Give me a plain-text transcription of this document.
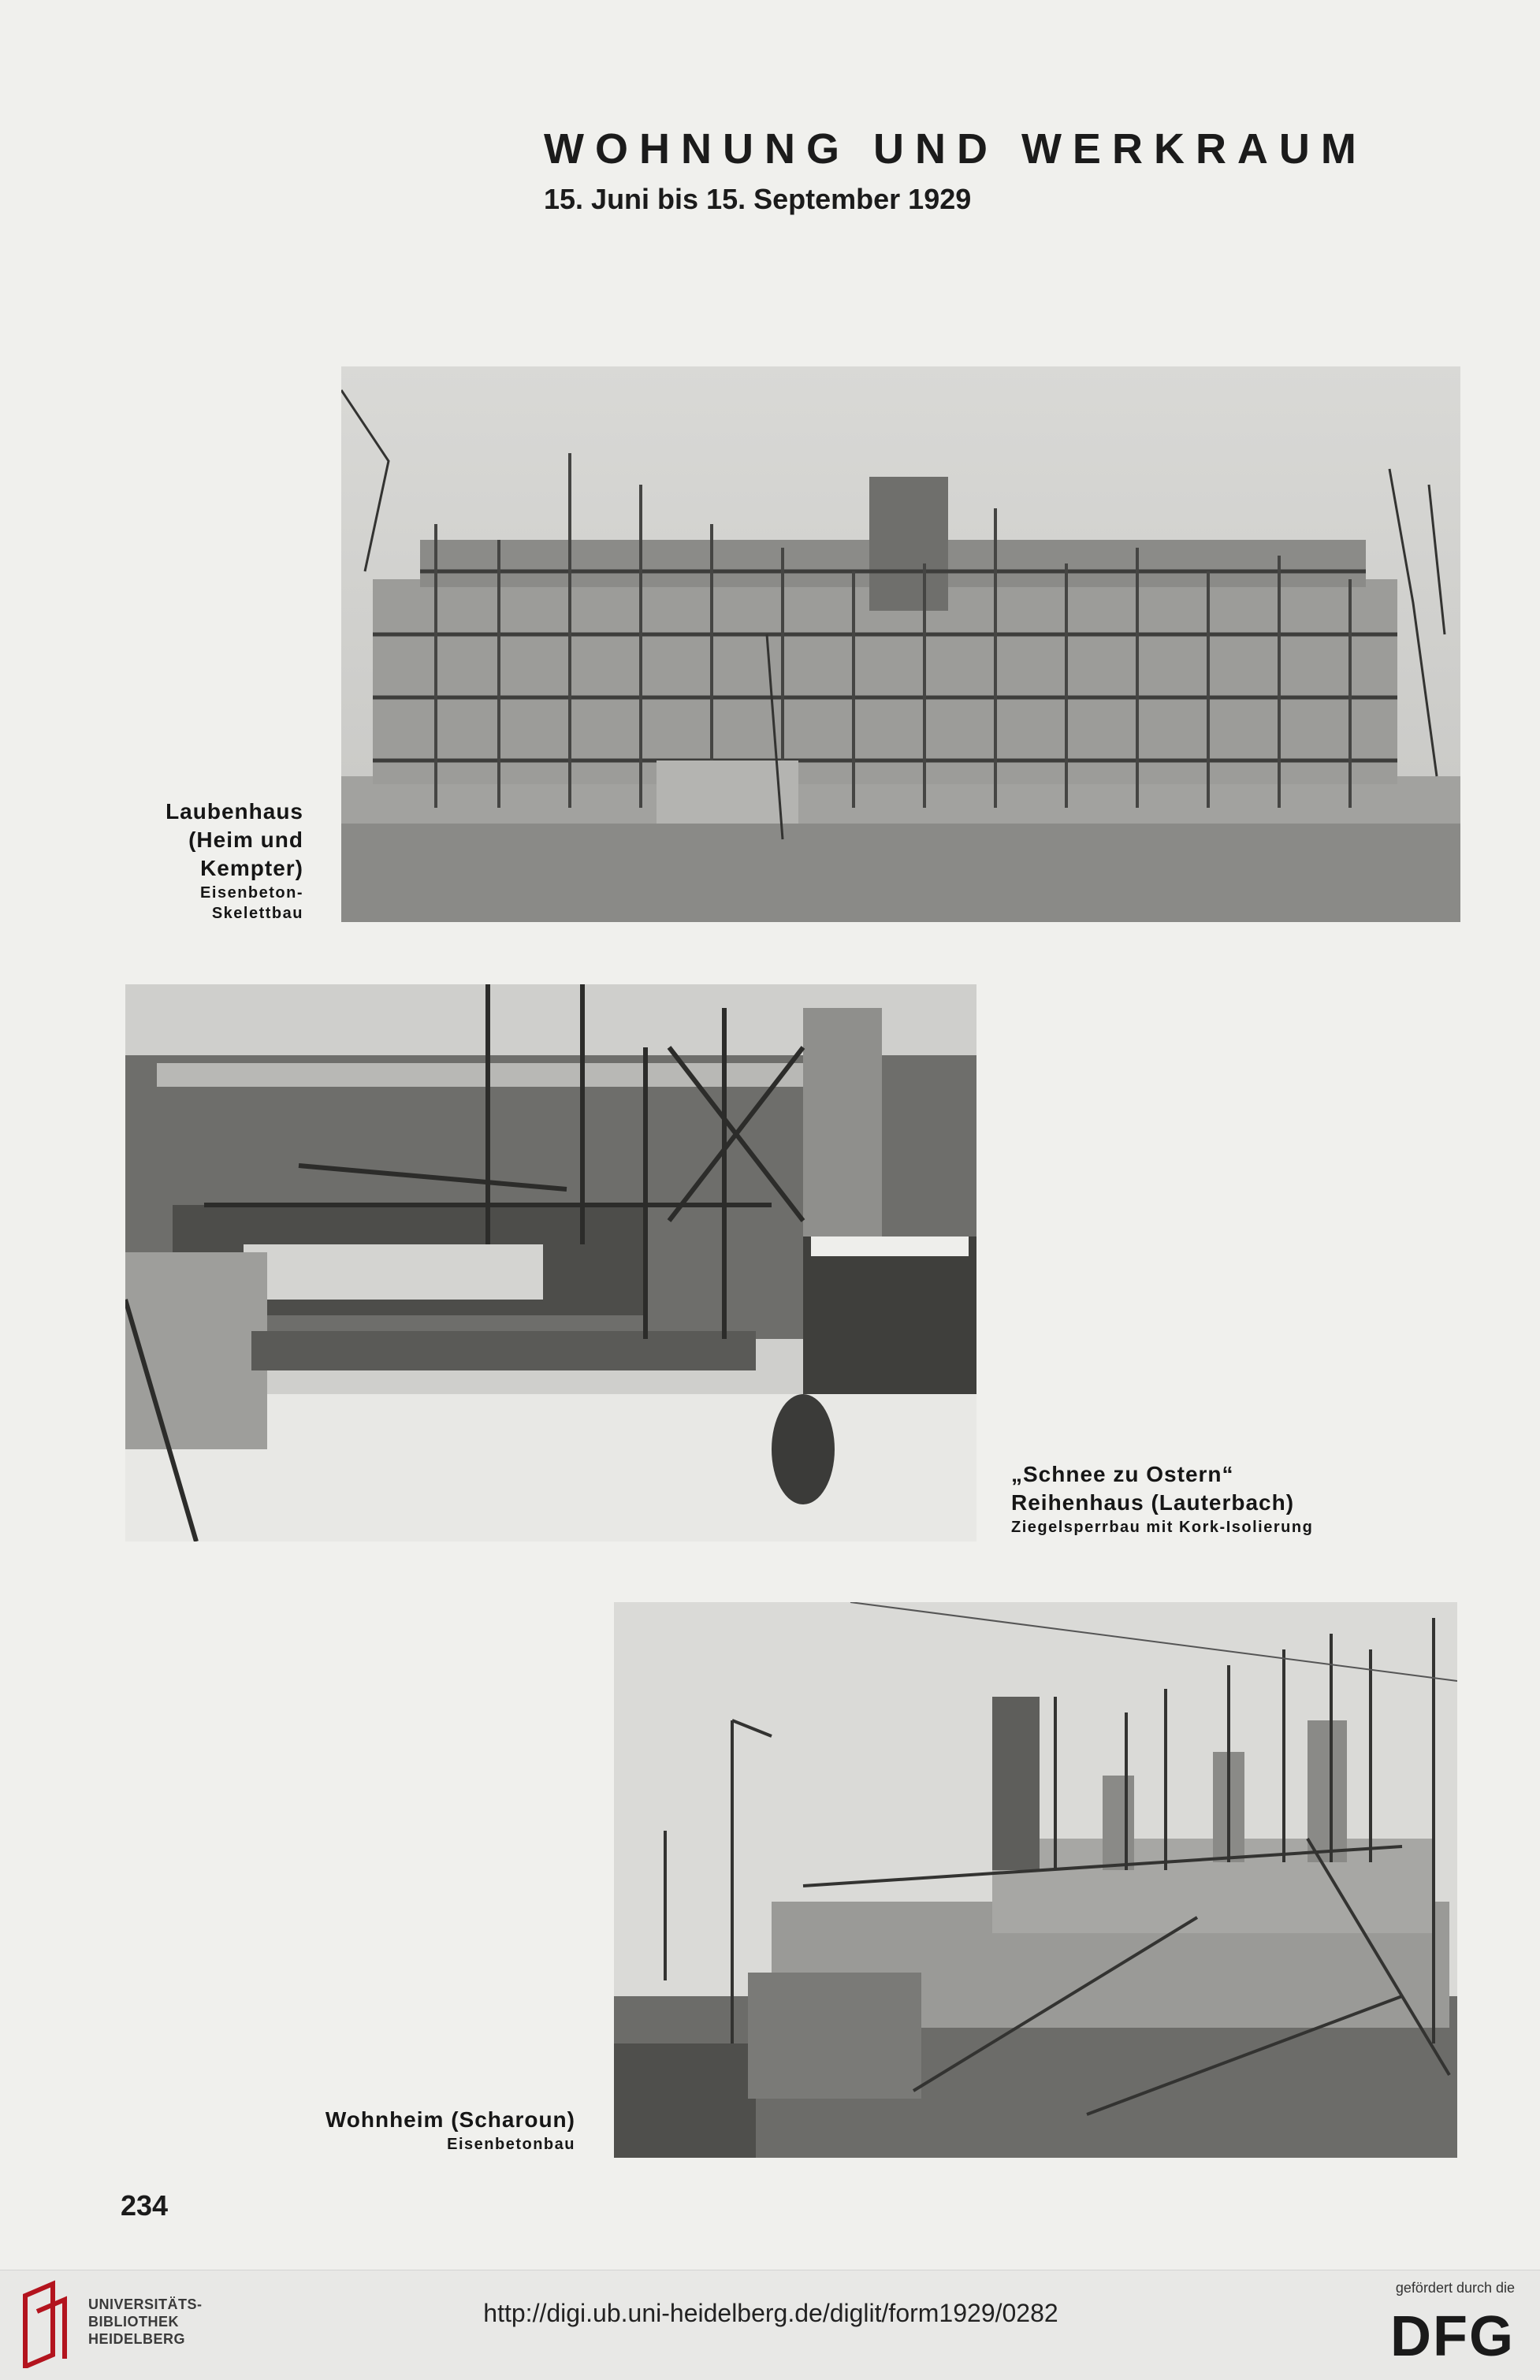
WOHNUNG UND WERKRAUM
15. Juni bis 15. September 1929
Laubenhaus
(Heim und
Kempter)
Eisenbeton-
Skelettbau
„Schnee zu Ostern“
Reihenhaus (Lauterbach)
Ziegelsperrbau mit Kork-Isolierung
Wohnheim (Scharoun)
Eisenbetonbau
234
UNIVERSITÄTS-
BIBLIOTHEK
HEIDELBERG
http://digi.ub.uni-heidelberg.de/diglit/form1929/0282
gefördert durch die
DFG
